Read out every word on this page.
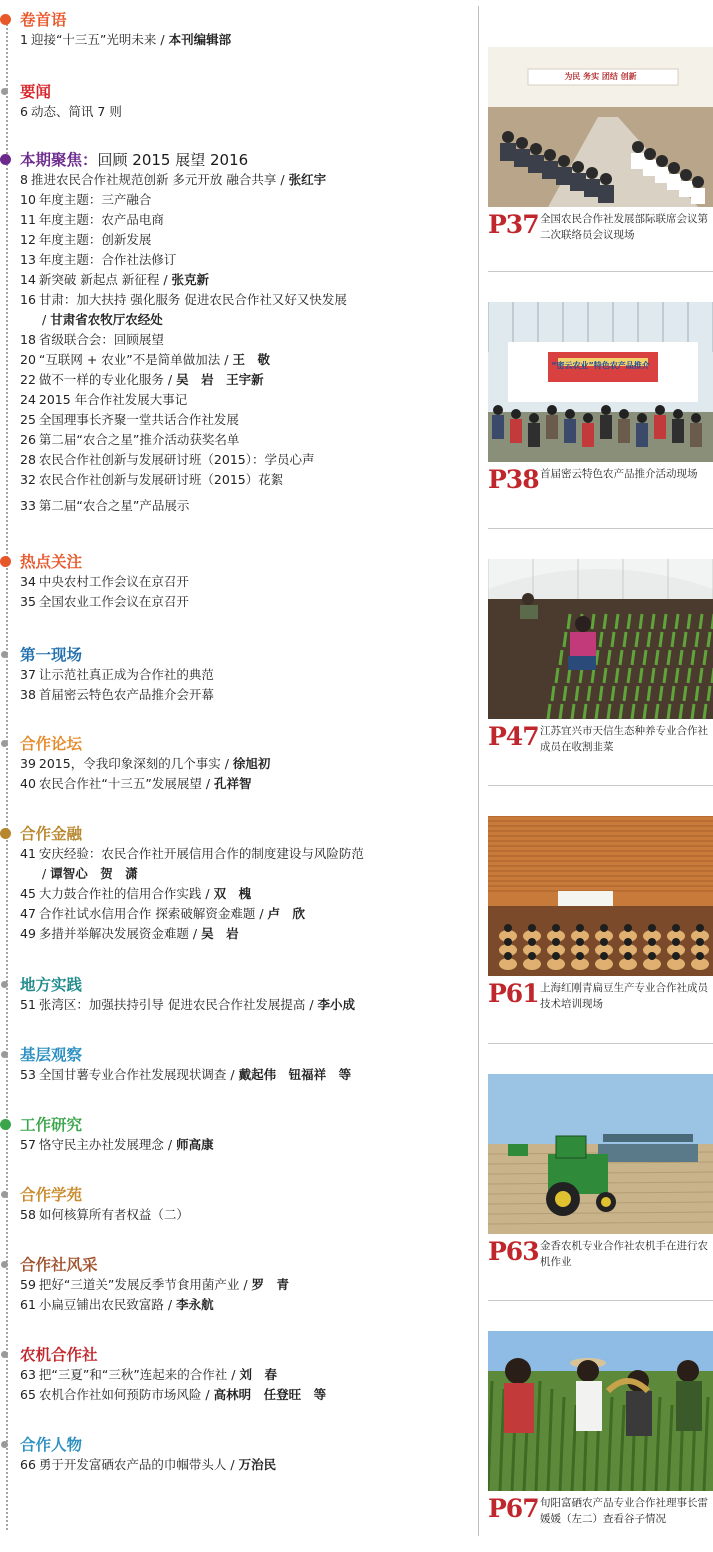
卷首语
1 迎接“十三五”光明未来 / 本刊编辑部
要闻
6 动态、简讯 7 则
本期聚焦：回顾 2015 展望 2016
8 推进农民合作社规范创新 多元开放 融合共享 / 张红宇
10 年度主题：三产融合
11 年度主题：农产品电商
12 年度主题：创新发展
13 年度主题：合作社法修订
14 新突破 新起点 新征程 / 张克新
16 甘肃：加大扶持 强化服务 促进农民合作社又好又快发展
/ 甘肃省农牧厅农经处
18 省级联合会：回顾展望
20 “互联网 + 农业”不是简单做加法 / 王　敬
22 做不一样的专业化服务 / 吴　岩　王宇新
24 2015 年合作社发展大事记
25 全国理事长齐聚一堂共话合作社发展
26 第二届“农合之星”推介活动获奖名单
28 农民合作社创新与发展研讨班（2015）：学员心声
32 农民合作社创新与发展研讨班（2015）花絮
33 第二届“农合之星”产品展示
热点关注
34 中央农村工作会议在京召开
35 全国农业工作会议在京召开
第一现场
37 让示范社真正成为合作社的典范
38 首届密云特色农产品推介会开幕
合作论坛
39 2015，令我印象深刻的几个事实 / 徐旭初
40 农民合作社“十三五”发展展望 / 孔祥智
合作金融
41 安庆经验：农民合作社开展信用合作的制度建设与风险防范
/ 谭智心　贺　潇
45 大力鼓合作社的信用合作实践 / 双　槐
47 合作社试水信用合作 探索破解资金难题 / 卢　欣
49 多措并举解决发展资金难题 / 吴　岩
地方实践
51 张湾区：加强扶持引导 促进农民合作社发展提高 / 李小成
基层观察
53 全国甘薯专业合作社发展现状调查 / 戴起伟　钮福祥　等
工作研究
57 恪守民主办社发展理念 / 师高康
合作学苑
58 如何核算所有者权益（二）
合作社风采
59 把好“三道关”发展反季节食用菌产业 / 罗　青
61 小扁豆铺出农民致富路 / 李永航
农机合作社
63 把“三夏”和“三秋”连起来的合作社 / 刘　春
65 农机合作社如何预防市场风险 / 高林明　任登旺　等
合作人物
66 勇于开发富硒农产品的巾帼带头人 / 万治民
为民 务实 团结 创新
P37 全国农民合作社发展部际联席会议第二次联络员会议现场
“密云农业”特色农产品推介
P38 首届密云特色农产品推介活动现场
P47 江苏宜兴市天信生态种养专业合作社成员在收割韭菜
P61 上海红刚青扁豆生产专业合作社成员技术培训现场
P63 金香农机专业合作社农机手在进行农机作业
P67 旬阳富硒农产品专业合作社理事长雷媛媛（左二）查看谷子情况
